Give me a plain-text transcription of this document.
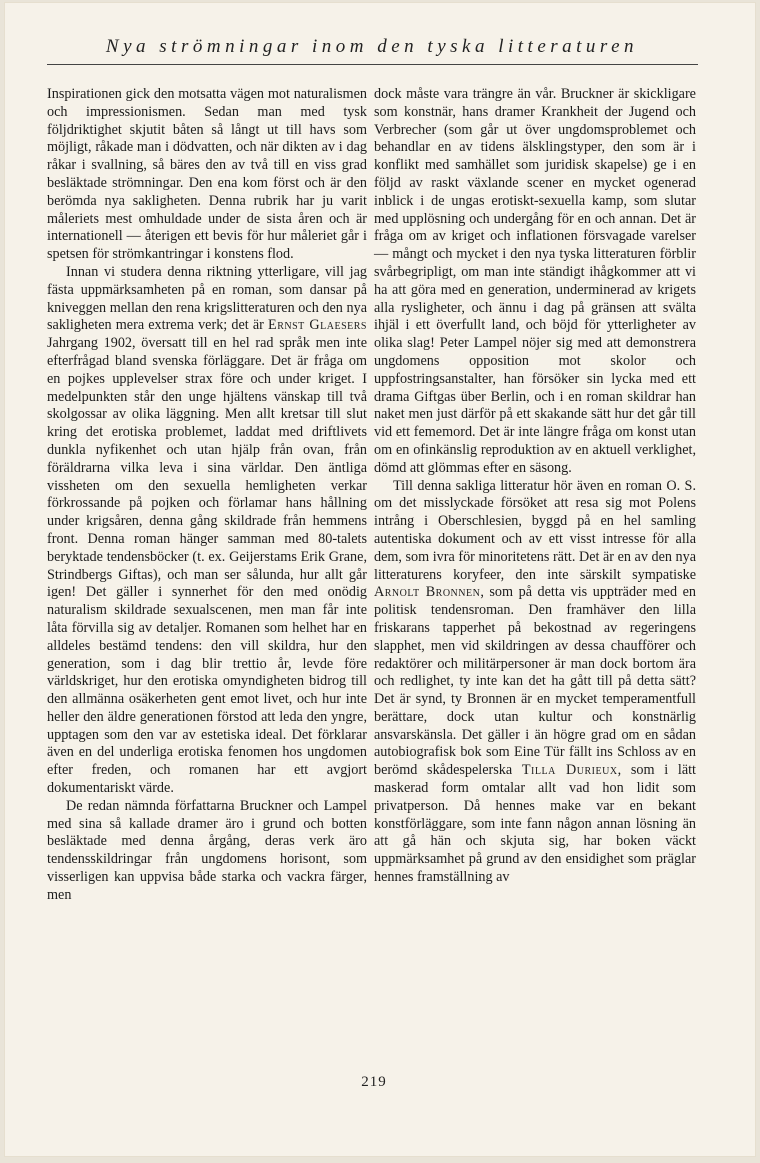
Nya strömningar inom den tyska litteraturen

Inspirationen gick den motsatta vägen mot naturalismen och impressionismen. Sedan man med tysk följdriktighet skjutit båten så långt ut till havs som möjligt, råkade man i dödvatten, och när dikten av i dag råkar i svallning, så bäres den av två till en viss grad besläktade strömningar. Den ena kom först och är den berömda nya sakligheten. Denna rubrik har ju varit måleriets mest omhuldade under de sista åren och är internationell — återigen ett bevis för hur måleriet går i spetsen för strömkantringar i konstens flod.

Innan vi studera denna riktning ytterligare, vill jag fästa uppmärksamheten på en roman, som dansar på kniveggen mellan den rena krigslitteraturen och den nya sakligheten mera extrema verk; det är Ernst Glaesers Jahrgang 1902, översatt till en hel rad språk men inte efterfrågad bland svenska förläggare. Det är fråga om en pojkes upplevelser strax före och under kriget. I medelpunkten står den unge hjältens vänskap till två skolgossar av olika läggning. Men allt kretsar till slut kring det erotiska problemet, laddat med driftlivets dunkla nyfikenhet och utan hjälp från ovan, från föräldrarna vilka leva i sina världar. Den äntliga vissheten om den sexuella hemligheten verkar förkrossande på pojken och förlamar hans hållning under krigsåren, denna gång skildrade från hemmens front. Denna roman hänger samman med 80-talets beryktade tendensböcker (t. ex. Geijerstams Erik Grane, Strindbergs Giftas), och man ser sålunda, hur allt går igen! Det gäller i synnerhet för den med onödig naturalism skildrade sexualscenen, men man får inte låta förvilla sig av detaljer. Romanen som helhet har en alldeles bestämd tendens: den vill skildra, hur den generation, som i dag blir trettio år, levde före världskriget, hur den erotiska omyndigheten bidrog till den allmänna osäkerheten gent emot livet, och hur inte heller den äldre generationen förstod att leda den yngre, upptagen som den var av estetiska ideal. Det förklarar även en del underliga erotiska fenomen hos ungdomen efter freden, och romanen har ett avgjort dokumentariskt värde.

De redan nämnda författarna Bruckner och Lampel med sina så kallade dramer äro i grund och botten besläktade med denna årgång, deras verk äro tendensskildringar från ungdomens horisont, som visserligen kan uppvisa både starka och vackra färger, men

dock måste vara trängre än vår. Bruckner är skickligare som konstnär, hans dramer Krankheit der Jugend och Verbrecher (som går ut över ungdomsproblemet och behandlar en av tidens älsklingstyper, den som är i konflikt med samhället som juridisk skapelse) ge i en följd av raskt växlande scener en mycket ogenerad inblick i de ungas erotiskt-sexuella kamp, som slutar med upplösning och undergång för en och annan. Det är fråga om av kriget och inflationen försvagade varelser — mångt och mycket i den nya tyska litteraturen förblir svårbegripligt, om man inte ständigt ihågkommer att vi ha att göra med en generation, underminerad av krigets alla rysligheter, och ännu i dag på gränsen att svälta ihjäl i ett överfullt land, och böjd för ytterligheter av olika slag! Peter Lampel nöjer sig med att demonstrera ungdomens opposition mot skolor och uppfostringsanstalter, han försöker sin lycka med ett drama Giftgas über Berlin, och i en roman skildrar han naket men just därför på ett skakande sätt hur det går till vid ett fememord. Det är inte längre fråga om konst utan om en ofinkänslig reproduktion av en aktuell verklighet, dömd att glömmas efter en säsong.

Till denna sakliga litteratur hör även en roman O. S. om det misslyckade försöket att resa sig mot Polens intrång i Oberschlesien, byggd på en hel samling autentiska dokument och av ett visst intresse för alla dem, som ivra för minoritetens rätt. Det är en av den nya litteraturens koryfeer, den inte särskilt sympatiske Arnolt Bronnen, som på detta vis uppträder med en politisk tendensroman. Den framhäver den lilla friskarans tapperhet på bekostnad av regeringens slapphet, men vid skildringen av dessa chaufförer och redaktörer och militärpersoner är man dock bortom ära och redlighet, ty inte kan det ha gått till på detta sätt? Det är synd, ty Bronnen är en mycket temperamentfull berättare, dock utan kultur och konstnärlig ansvarskänsla. Det gäller i än högre grad om en sådan autobiografisk bok som Eine Tür fällt ins Schloss av en berömd skådespelerska Tilla Durieux, som i lätt maskerad form omtalar allt vad hon lidit som privatperson. Då hennes make var en bekant konstförläggare, som inte fann någon annan lösning än att gå hän och skjuta sig, har boken väckt uppmärksamhet på grund av den ensidighet som präglar hennes framställning av

219
